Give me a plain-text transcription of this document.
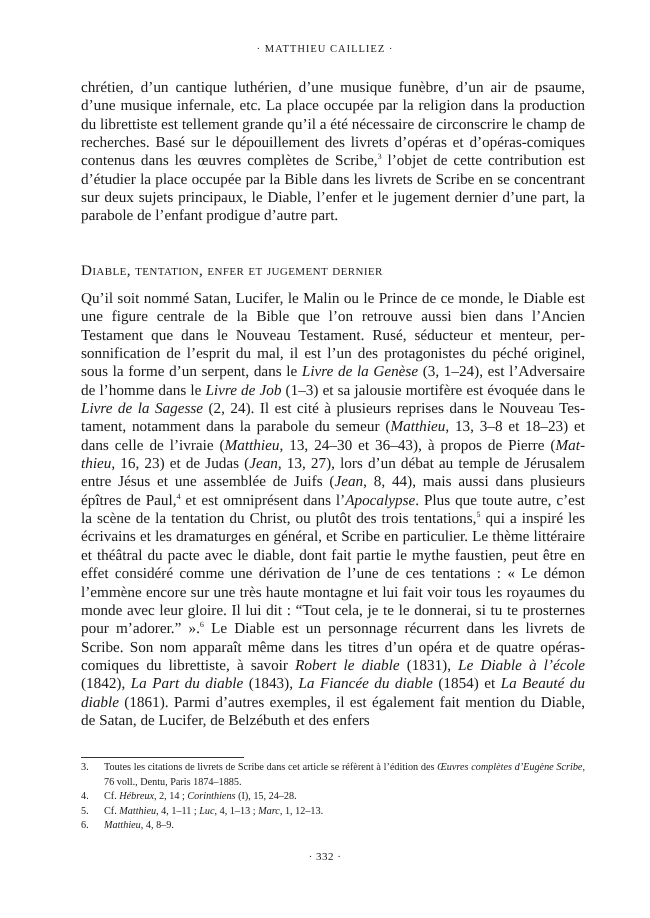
· MATTHIEU CAILLIEZ ·

chrétien, d’un cantique luthérien, d’une musique funèbre, d’un air de psaume, d’une musique infernale, etc. La place occupée par la religion dans la production du librettiste est tellement grande qu’il a été nécessaire de circonscrire le champ de recherches. Basé sur le dépouillement des livrets d’opéras et d’opéras-comiques contenus dans les œuvres complètes de Scribe,$^3$ l’objet de cette contribution est d’étudier la place occupée par la Bible dans les livrets de Scribe en se concentrant sur deux sujets principaux, le Diable, l’enfer et le jugement dernier d’une part, la parabole de l’enfant prodigue d’autre part.

Diable, tentation, enfer et jugement dernier

Qu’il soit nommé Satan, Lucifer, le Malin ou le Prince de ce monde, le Diable est une figure centrale de la Bible que l’on retrouve aussi bien dans l’Ancien Testament que dans le Nouveau Testament. Rusé, séducteur et menteur, personnification de l’esprit du mal, il est l’un des protagonistes du péché originel, sous la forme d’un serpent, dans le Livre de la Genèse (3, 1–24), est l’Adversaire de l’homme dans le Livre de Job (1–3) et sa jalousie mortifère est évoquée dans le Livre de la Sagesse (2, 24). Il est cité à plusieurs reprises dans le Nouveau Testament, notamment dans la parabole du semeur (Matthieu, 13, 3–8 et 18–23) et dans celle de l’ivraie (Matthieu, 13, 24–30 et 36–43), à propos de Pierre (Matthieu, 16, 23) et de Judas (Jean, 13, 27), lors d’un débat au temple de Jérusalem entre Jésus et une assemblée de Juifs (Jean, 8, 44), mais aussi dans plusieurs épîtres de Paul,$^4$ et est omniprésent dans l’Apocalypse. Plus que toute autre, c’est la scène de la tentation du Christ, ou plutôt des trois tentations,$^5$ qui a inspiré les écrivains et les dramaturges en général, et Scribe en particulier. Le thème littéraire et théâtral du pacte avec le diable, dont fait partie le mythe faustien, peut être en effet considéré comme une dérivation de l’une de ces tentations : « Le démon l’emmène encore sur une très haute montagne et lui fait voir tous les royaumes du monde avec leur gloire. Il lui dit : “Tout cela, je te le donnerai, si tu te prosternes pour m’adorer.” ».$^6$ Le Diable est un personnage récurrent dans les livrets de Scribe. Son nom apparaît même dans les titres d’un opéra et de quatre opéras-comiques du librettiste, à savoir Robert le diable (1831), Le Diable à l’école (1842), La Part du diable (1843), La Fiancée du diable (1854) et La Beauté du diable (1861). Parmi d’autres exemples, il est également fait mention du Diable, de Satan, de Lucifer, de Belzébuth et des enfers

3.	Toutes les citations de livrets de Scribe dans cet article se réfèrent à l’édition des Œuvres complètes d’Eugène Scribe, 76 voll., Dentu, Paris 1874–1885.
4.	Cf. Hébreux, 2, 14 ; Corinthiens (I), 15, 24–28.
5.	Cf. Matthieu, 4, 1–11 ; Luc, 4, 1–13 ; Marc, 1, 12–13.
6.	Matthieu, 4, 8–9.
· 332 ·
